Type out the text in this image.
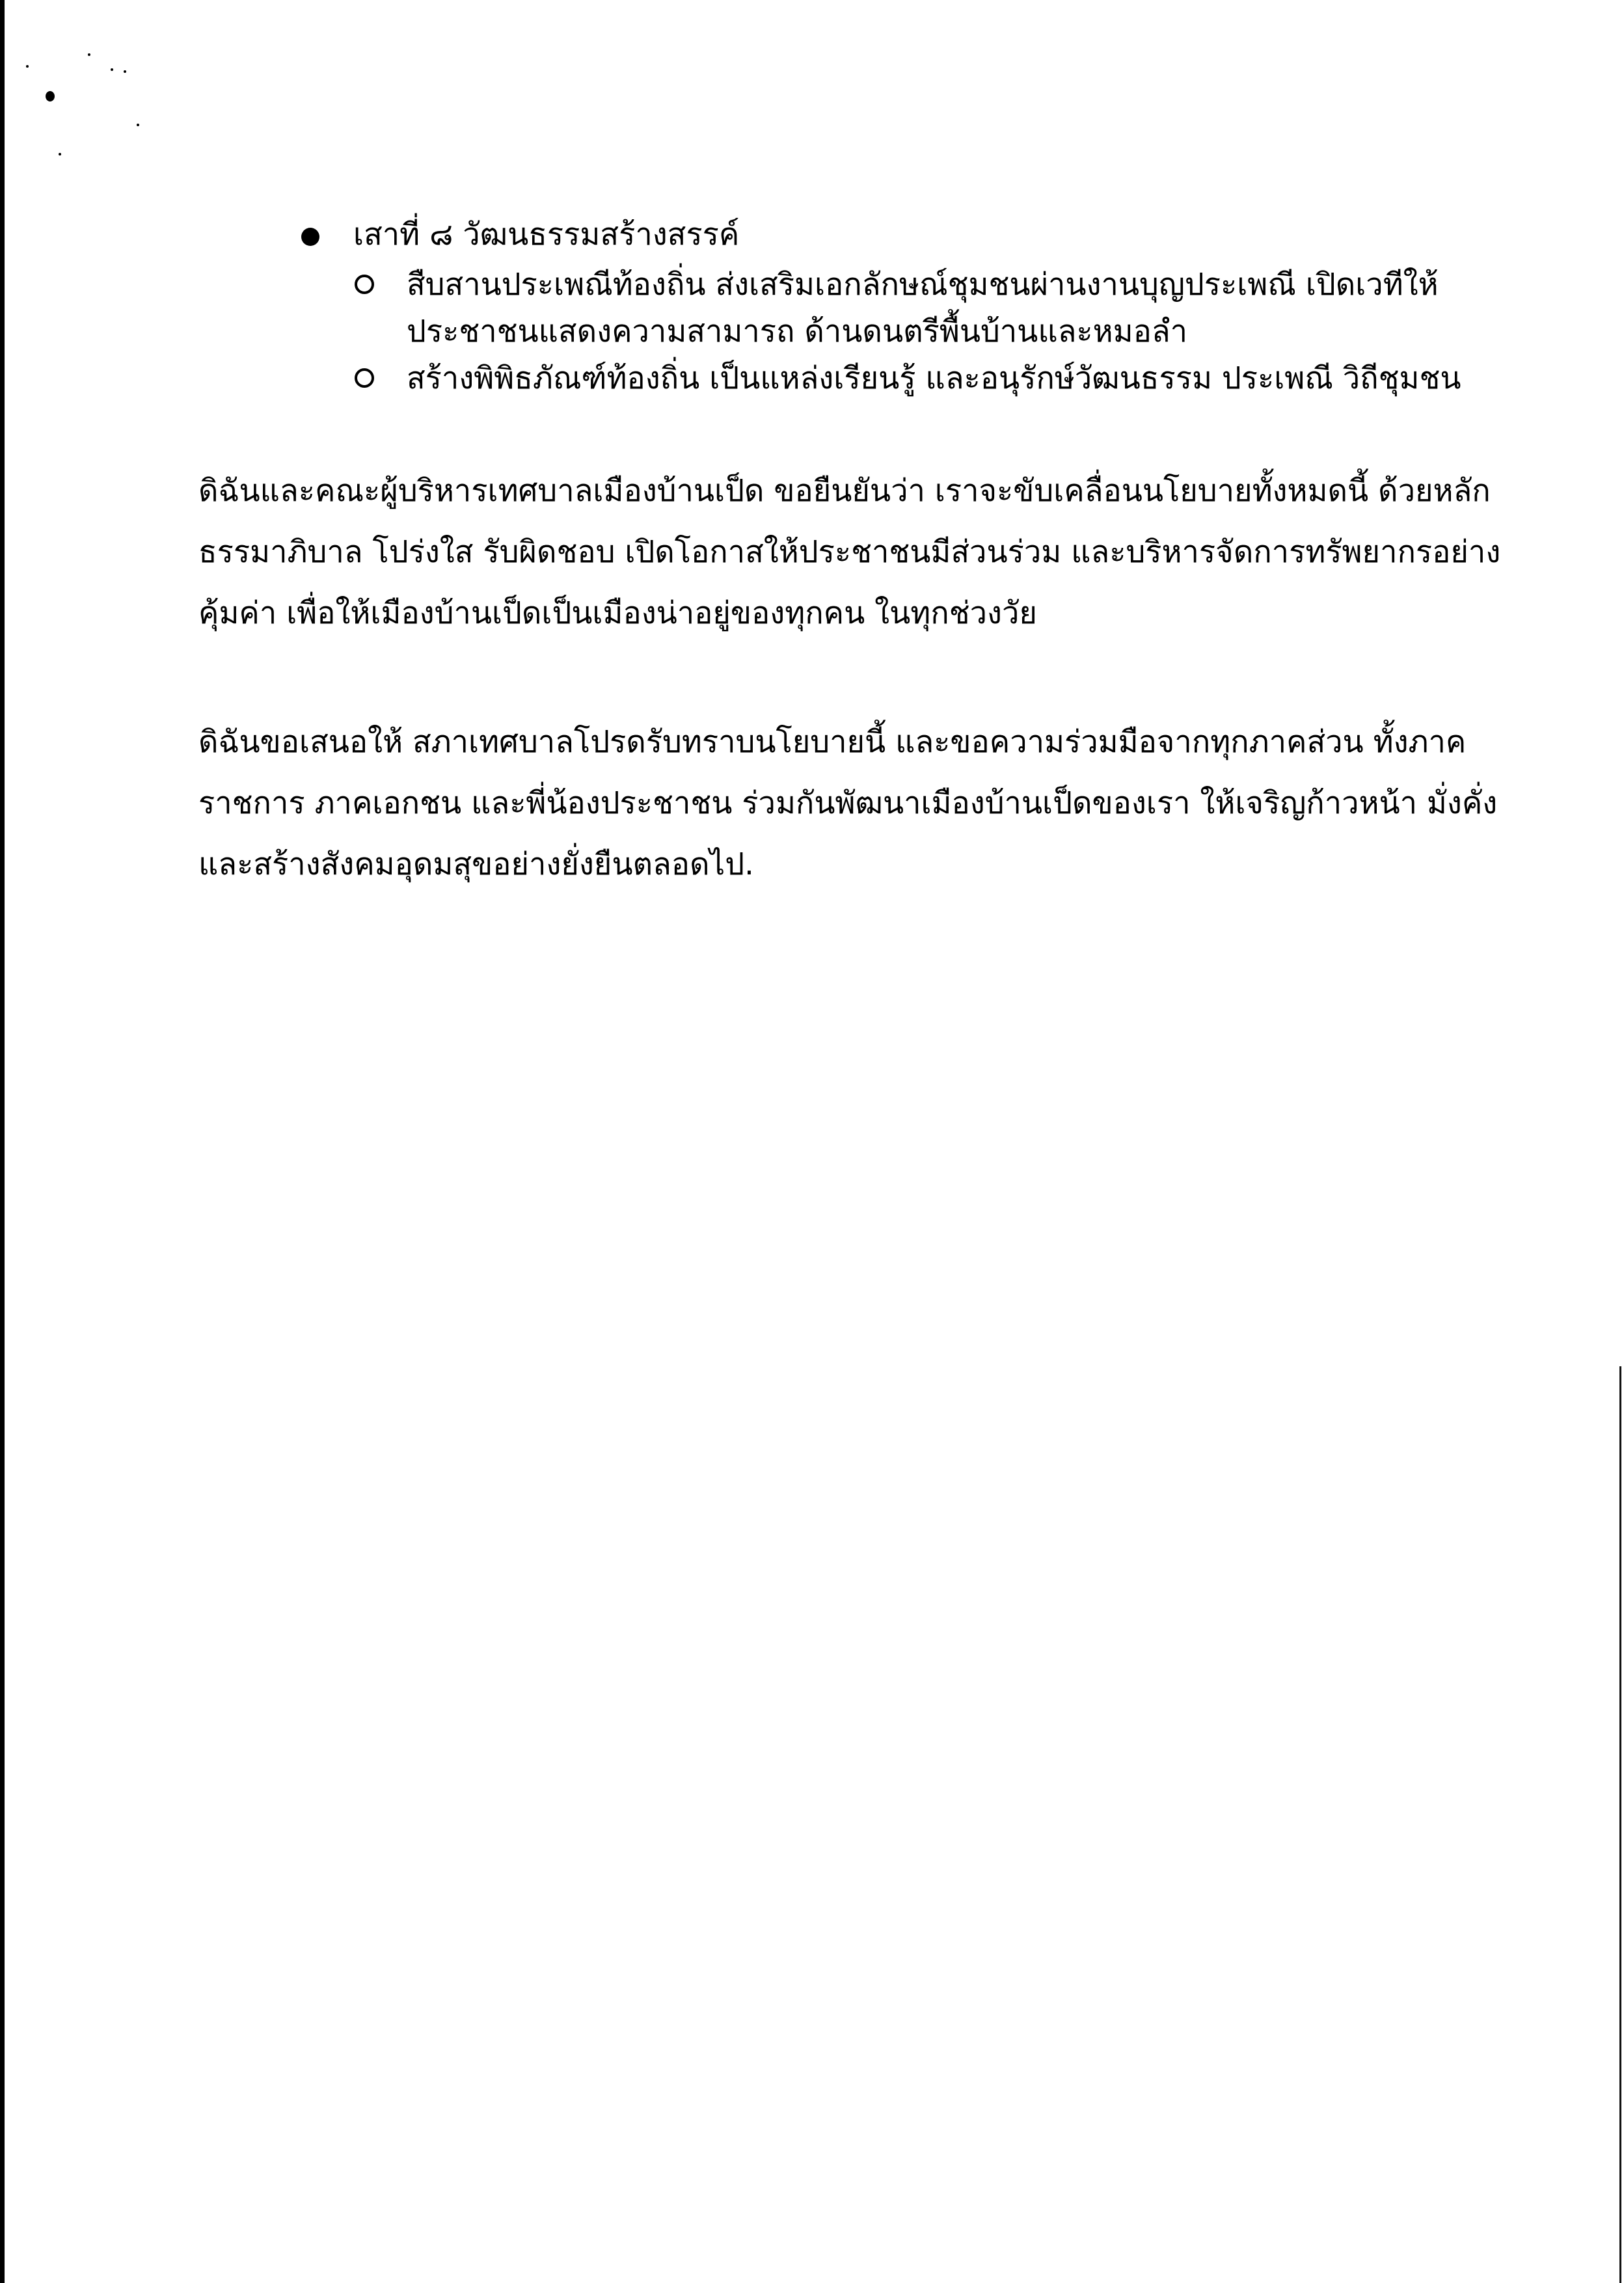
เสาที่ ๘ วัฒนธรรมสร้างสรรค์
สืบสานประเพณีท้องถิ่น ส่งเสริมเอกลักษณ์ชุมชนผ่านงานบุญประเพณี เปิดเวทีให้
ประชาชนแสดงความสามารถ ด้านดนตรีพื้นบ้านและหมอลำ
สร้างพิพิธภัณฑ์ท้องถิ่น เป็นแหล่งเรียนรู้ และอนุรักษ์วัฒนธรรม ประเพณี วิถีชุมชน

ดิฉันและคณะผู้บริหารเทศบาลเมืองบ้านเป็ด ขอยืนยันว่า เราจะขับเคลื่อนนโยบายทั้งหมดนี้ ด้วยหลัก
ธรรมาภิบาล โปร่งใส รับผิดชอบ เปิดโอกาสให้ประชาชนมีส่วนร่วม และบริหารจัดการทรัพยากรอย่าง
คุ้มค่า เพื่อให้เมืองบ้านเป็ดเป็นเมืองน่าอยู่ของทุกคน ในทุกช่วงวัย

ดิฉันขอเสนอให้ สภาเทศบาลโปรดรับทราบนโยบายนี้ และขอความร่วมมือจากทุกภาคส่วน ทั้งภาค
ราชการ ภาคเอกชน และพี่น้องประชาชน ร่วมกันพัฒนาเมืองบ้านเป็ดของเรา ให้เจริญก้าวหน้า มั่งคั่ง
และสร้างสังคมอุดมสุขอย่างยั่งยืนตลอดไป.
